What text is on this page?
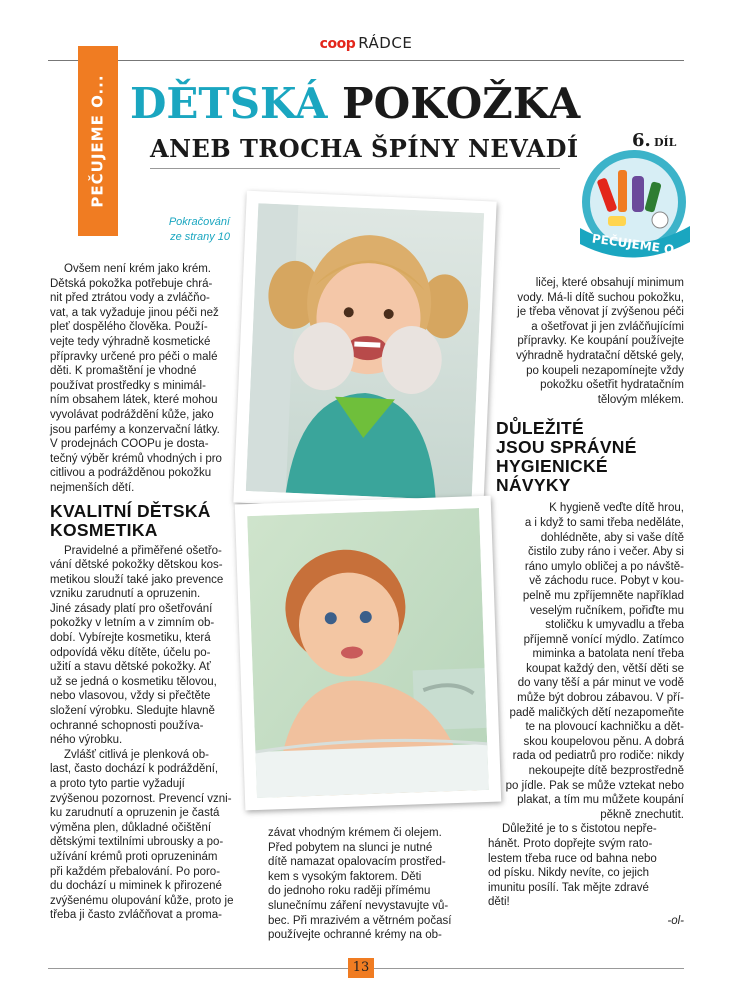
coop RÁDCE
PEČUJEME O... DĚTSKÁ POKOŽKA
ANEB TROCHA ŠPÍNY NEVADÍ	6. DÍL
PEČUJEME O...
Pokračování
ze strany 10

Ovšem není krém jako krém.
Dětská pokožka potřebuje chrá-
nit před ztrátou vody a zvláčňo-
vat, a tak vyžaduje jinou péči než
pleť dospělého člověka. Použí-
vejte tedy výhradně kosmetické
přípravky určené pro péči o malé
děti. K promaštění je vhodné
používat prostředky s minimál-
ním obsahem látek, které mohou
vyvolávat podráždění kůže, jako
jsou parfémy a konzervační látky.
V prodejnách COOPu je dosta-
tečný výběr krémů vhodných i pro
citlivou a podrážděnou pokožku
nejmenších dětí.

KVALITNÍ DĚTSKÁ
KOSMETIKA

Pravidelné a přiměřené ošetřo-
vání dětské pokožky dětskou kos-
metikou slouží také jako prevence
vzniku zarudnutí a opruzenin.
Jiné zásady platí pro ošetřování
pokožky v letním a v zimním ob-
dobí. Vybírejte kosmetiku, která
odpovídá věku dítěte, účelu po-
užití a stavu dětské pokožky. Ať
už se jedná o kosmetiku tělovou,
nebo vlasovou, vždy si přečtěte
složení výrobku. Sledujte hlavně
ochranné schopnosti používa-
ného výrobku.

Zvlášť citlivá je plenková ob-
last, často dochází k podráždění,
a proto tyto partie vyžadují
zvýšenou pozornost. Prevencí vzni-
ku zarudnutí a opruzenin je častá
výměna plen, důkladné očištění
dětskými textilními ubrousky a po-
užívání krémů proti opruzeninám
při každém přebalování. Po poro-
du dochází u miminek k přirozené
zvýšenému olupování kůže, proto je
třeba ji často zvláčňovat a proma-

závat vhodným krémem či olejem.
Před pobytem na slunci je nutné
dítě namazat opalovacím prostřed-
kem s vysokým faktorem. Děti
do jednoho roku raději přímému
slunečnímu záření nevystavujte vů-
bec. Při mrazivém a větrném počasí
používejte ochranné krémy na ob-

ličej, které obsahují minimum
vody. Má-li dítě suchou pokožku,
je třeba věnovat jí zvýšenou péči
a ošetřovat ji jen zvláčňujícími
přípravky. Ke koupání používejte
výhradně hydratační dětské gely,
po koupeli nezapomínejte vždy
pokožku ošetřit hydratačním
tělovým mlékem.

DŮLEŽITÉ
JSOU SPRÁVNÉ
HYGIENICKÉ
NÁVYKY

K hygieně veďte dítě hrou,
a i když to sami třeba neděláte,
dohlédněte, aby si vaše dítě
čistilo zuby ráno i večer. Aby si
ráno umylo obličej a po návště-
vě záchodu ruce. Pobyt v kou-
pelně mu zpříjemněte například
veselým ručníkem, pořiďte mu
stoličku k umyvadlu a třeba
příjemně vonící mýdlo. Zatímco
miminka a batolata není třeba
koupat každý den, větší děti se
do vany těší a pár minut ve vodě
může být dobrou zábavou. V pří-
padě maličkých dětí nezapomeňte
te na plovoucí kachničku a dět-
skou koupelovou pěnu. A dobrá
rada od pediatrů pro rodiče: nikdy
nekoupejte dítě bezprostředně
po jídle. Pak se může vztekat nebo
plakat, a tím mu můžete koupání
pěkně znechutit.

Důležité je to s čistotou nepře-
hánět. Proto dopřejte svým rato-
lestem třeba ruce od bahna nebo
od písku. Nikdy nevíte, co jejich
imunitu posílí. Tak mějte zdravé
děti!

-ol-
13
